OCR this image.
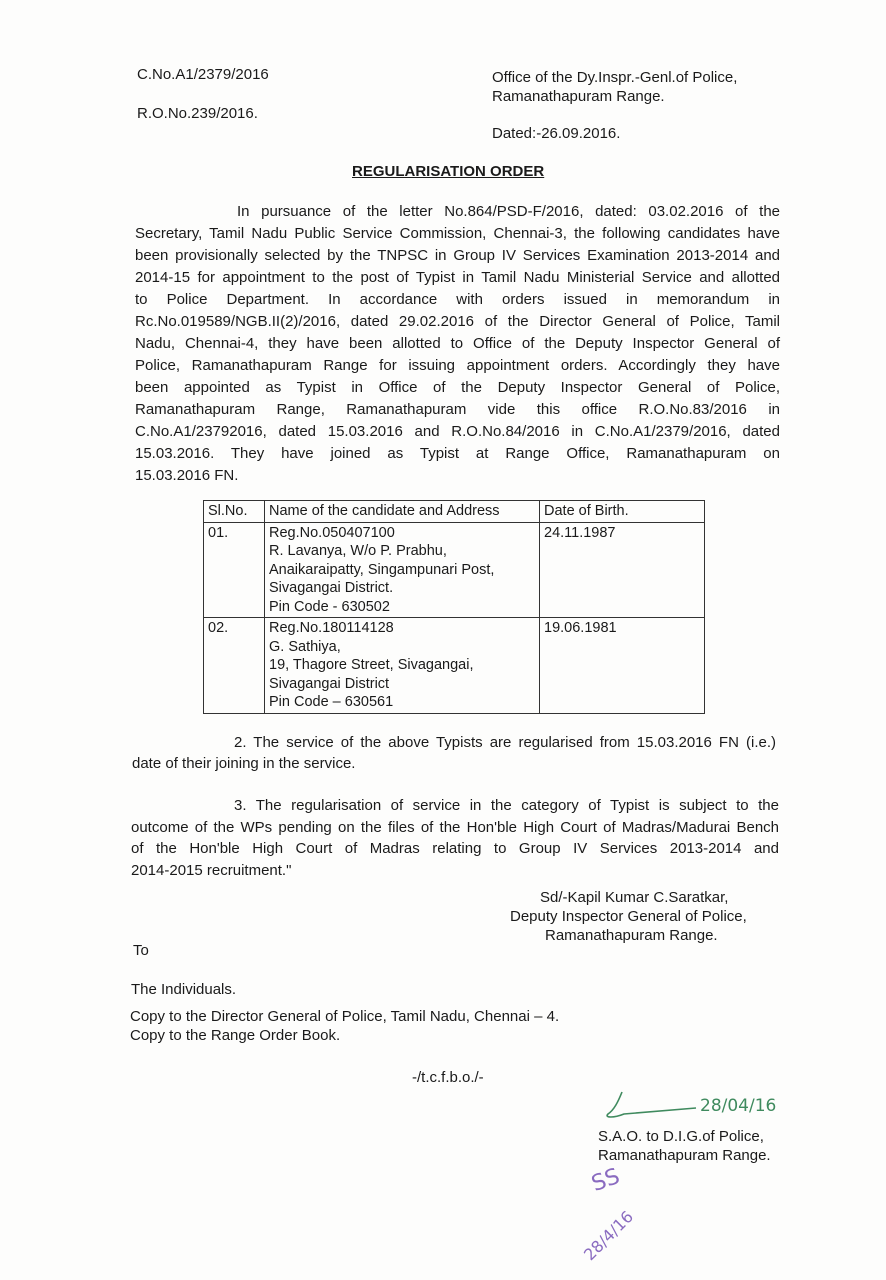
C.No.A1/2379/2016
R.O.No.239/2016.
Office of the Dy.Inspr.-Genl.of Police,
Ramanathapuram Range.
Dated:-26.09.2016.
REGULARISATION ORDER
In pursuance of the letter No.864/PSD-F/2016, dated: 03.02.2016 of the
Secretary, Tamil Nadu Public Service Commission, Chennai-3, the following candidates have
been provisionally selected by the TNPSC in Group IV Services Examination 2013-2014 and
2014-15 for appointment to the post of Typist in Tamil Nadu Ministerial Service and allotted
to Police Department. In accordance with orders issued in memorandum in
Rc.No.019589/NGB.II(2)/2016, dated 29.02.2016 of the Director General of Police, Tamil
Nadu, Chennai-4, they have been allotted to Office of the Deputy Inspector General of
Police, Ramanathapuram Range for issuing appointment orders. Accordingly they have
been appointed as Typist in Office of the Deputy Inspector General of Police,
Ramanathapuram Range, Ramanathapuram vide this office R.O.No.83/2016 in
C.No.A1/23792016, dated 15.03.2016 and R.O.No.84/2016 in C.No.A1/2379/2016, dated
15.03.2016. They have joined as Typist at Range Office, Ramanathapuram on
15.03.2016 FN.
Sl.No.	Name of the candidate and Address	Date of Birth.
01.	Reg.No.050407100
R. Lavanya, W/o P. Prabhu,
Anaikaraipatty, Singampunari Post,
Sivagangai District.
Pin Code - 630502	24.11.1987
02.	Reg.No.180114128
G. Sathiya,
19, Thagore Street, Sivagangai,
Sivagangai District
Pin Code – 630561	19.06.1981
2. The service of the above Typists are regularised from 15.03.2016 FN (i.e.)
date of their joining in the service.
3. The regularisation of service in the category of Typist is subject to the
outcome of the WPs pending on the files of the Hon'ble High Court of Madras/Madurai Bench
of the Hon'ble High Court of Madras relating to Group IV Services 2013-2014 and
2014-2015 recruitment."
Sd/-Kapil Kumar C.Saratkar,
Deputy Inspector General of Police,
Ramanathapuram Range.
To
The Individuals.
Copy to the Director General of Police, Tamil Nadu, Chennai – 4.
Copy to the Range Order Book.
-/t.c.f.b.o./-
28/04/16
S.A.O. to D.I.G.of Police,
Ramanathapuram Range.
SS
28/4/16
